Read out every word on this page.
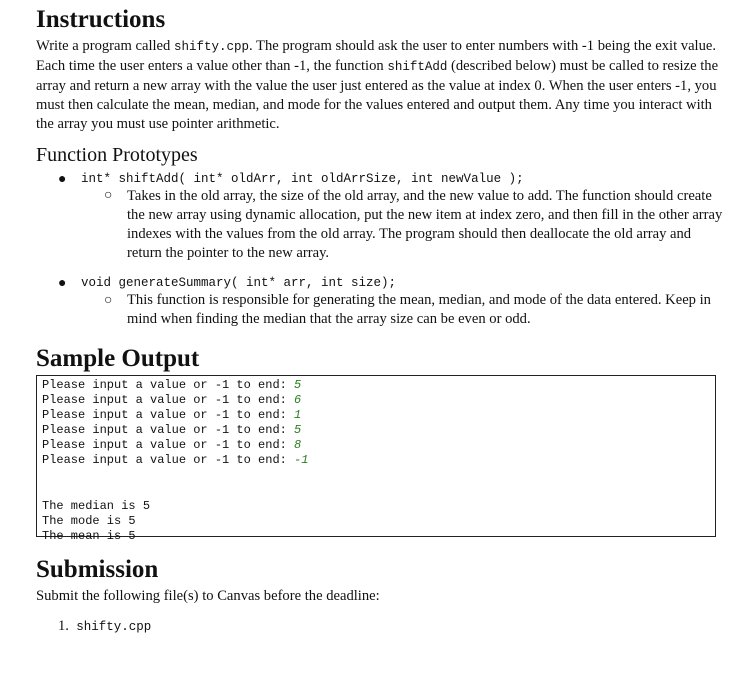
Instructions

Write a program called shifty.cpp. The program should ask the user to enter numbers with -1 being the exit value. Each time the user enters a value other than -1, the function shiftAdd (described below) must be called to resize the array and return a new array with the value the user just entered as the value at index 0. When the user enters -1, you must then calculate the mean, median, and mode for the values entered and output them. Any time you interact with the array you must use pointer arithmetic.

Function Prototypes
● int* shiftAdd( int* oldArr, int oldArrSize, int newValue );
○ Takes in the old array, the size of the old array, and the new value to add. The function should create the new array using dynamic allocation, put the new item at index zero, and then fill in the other array indexes with the values from the old array. The program should then deallocate the old array and return the pointer to the new array.
● void generateSummary( int* arr, int size);
○ This function is responsible for generating the mean, median, and mode of the data entered. Keep in mind when finding the median that the array size can be even or odd.
Sample Output
Please input a value or -1 to end: 5
Please input a value or -1 to end: 6
Please input a value or -1 to end: 1
Please input a value or -1 to end: 5
Please input a value or -1 to end: 8
Please input a value or -1 to end: -1
The median is 5
The mode is 5
The mean is 5
Submission

Submit the following file(s) to Canvas before the deadline:

1. shifty.cpp
